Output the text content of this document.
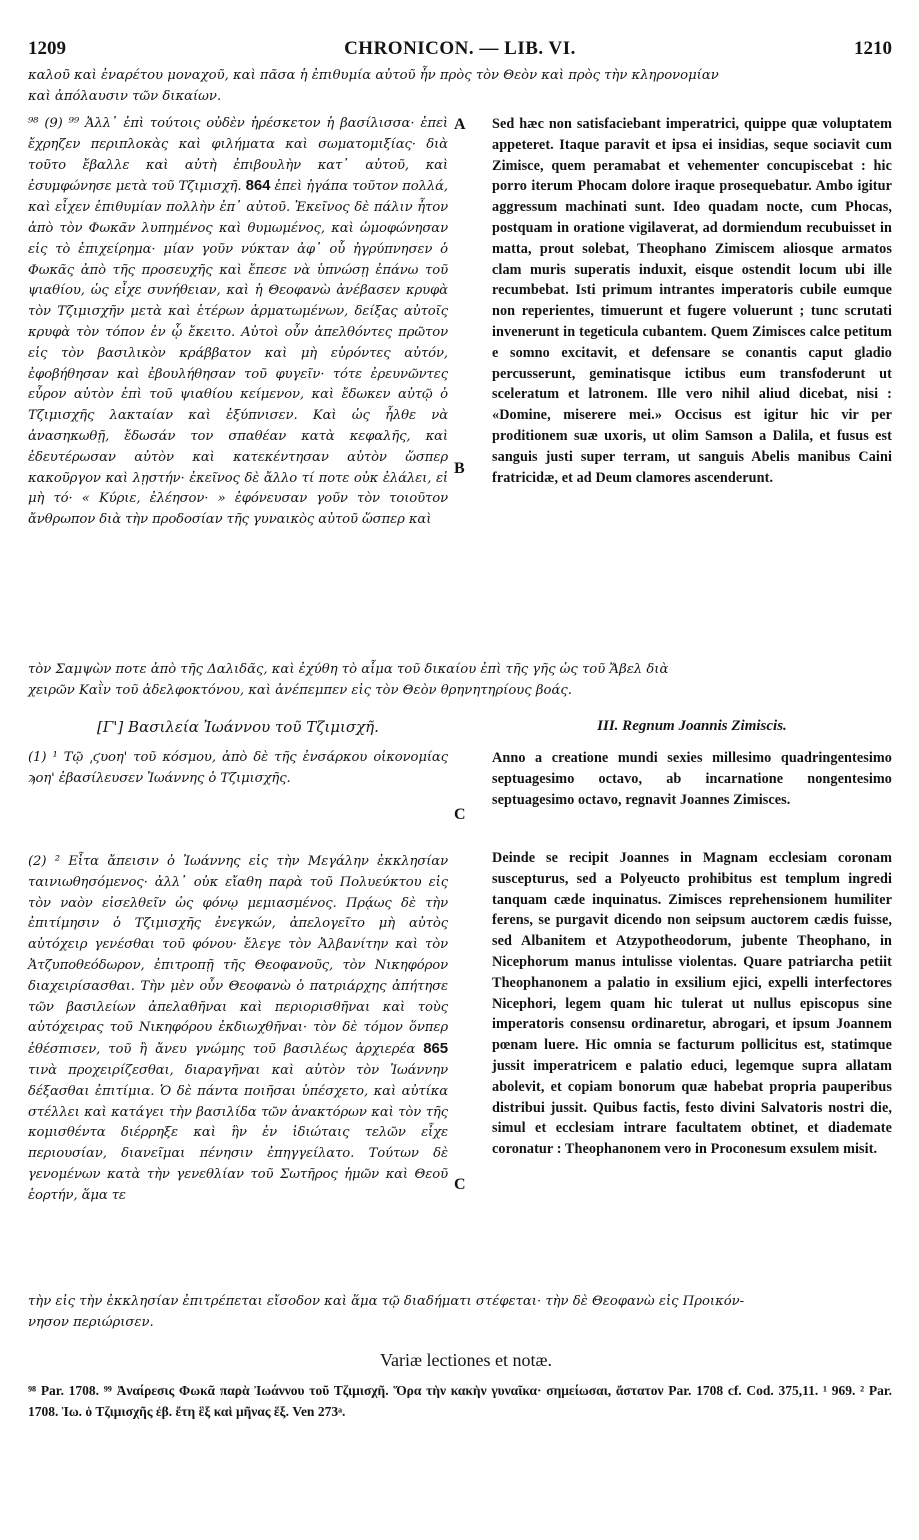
1209	CHRONICON. — LIB. VI.	1210
καλοῦ καὶ ἐναρέτου μοναχοῦ, καὶ πᾶσα ἡ ἐπιθυμία αὐτοῦ ἦν πρὸς τὸν Θεὸν καὶ πρὸς τὴν κληρονομίαν
καὶ ἀπόλαυσιν τῶν δικαίων.

⁹⁸ (9) ⁹⁹ Ἀλλ᾽ ἐπὶ τούτοις οὐδὲν ἠρέσκετον ἡ βασίλισσα· ἐπεὶ ἔχρηζεν περιπλοκὰς καὶ φιλήματα καὶ σωματομιξίας· διὰ τοῦτο ἔβαλλε καὶ αὐτὴ ἐπιβουλὴν κατ᾽ αὐτοῦ, καὶ ἐσυμφώνησε μετὰ τοῦ Τζιμισχῆ. 864 ἐπεὶ ἠγάπα τοῦτον πολλά, καὶ εἶχεν ἐπιθυμίαν πολλὴν ἐπ᾽ αὐτοῦ. Ἐκεῖνος δὲ πάλιν ἦτον ἀπὸ τὸν Φωκᾶν λυπημένος καὶ θυμωμένος, καὶ ὡμοφώνησαν εἰς τὸ ἐπιχείρημα· μίαν γοῦν νύκταν ἀφ᾽ οὗ ἠγρύπνησεν ὁ Φωκᾶς ἀπὸ τῆς προσευχῆς καὶ ἔπεσε νὰ ὑπνώσῃ ἐπάνω τοῦ ψιαθίου, ὡς εἶχε συνήθειαν, καὶ ἡ Θεοφανὼ ἀνέβασεν κρυφὰ τὸν Τζιμισχῆν μετὰ καὶ ἑτέρων ἁρματωμένων, δείξας αὐτοῖς κρυφὰ τὸν τόπον ἐν ᾧ ἔκειτο. Αὐτοὶ οὖν ἀπελθόντες πρῶτον εἰς τὸν βασιλικὸν κράββατον καὶ μὴ εὑρόντες αὐτόν, ἐφοβήθησαν καὶ ἐβουλήθησαν τοῦ φυγεῖν· τότε ἐρευνῶντες εὗρον αὐτὸν ἐπὶ τοῦ ψιαθίου κείμενον, καὶ ἔδωκεν αὐτῷ ὁ Τζιμισχῆς λακταίαν καὶ ἐξύπνισεν. Καὶ ὡς ἦλθε νὰ ἀνασηκωθῇ, ἔδωσάν τον σπαθέαν κατὰ κεφαλῆς, καὶ ἐδευτέρωσαν αὐτὸν καὶ κατεκέντησαν αὐτὸν ὥσπερ κακοῦργον καὶ λῃστήν· ἐκεῖνος δὲ ἄλλο τί ποτε οὐκ ἐλάλει, εἰ μὴ τό· « Κύριε, ἐλέησον· » ἐφόνευσαν γοῦν τὸν τοιοῦτον ἄνθρωπον διὰ τὴν προδοσίαν τῆς γυναικὸς αὐτοῦ ὥσπερ καὶ

A
B

Sed hæc non satisfaciebant imperatrici, quippe quæ voluptatem appeteret. Itaque paravit et ipsa ei insidias, seque sociavit cum Zimisce, quem peramabat et vehementer concupiscebat : hic porro iterum Phocam dolore iraque prosequebatur. Ambo igitur aggressum machinati sunt. Ideo quadam nocte, cum Phocas, postquam in oratione vigilaverat, ad dormiendum recubuisset in matta, prout solebat, Theophano Zimiscem aliosque armatos clam muris superatis induxit, eisque ostendit locum ubi ille recumbebat. Isti primum intrantes imperatoris cubile eumque non reperientes, timuerunt et fugere voluerunt ; tunc scrutati invenerunt in tegeticula cubantem. Quem Zimisces calce petitum e somno excitavit, et defensare se conantis caput gladio percusserunt, geminatisque ictibus eum transfoderunt ut sceleratum et latronem. Ille vero nihil aliud dicebat, nisi : «Domine, miserere mei.» Occisus est igitur hic vir per proditionem suæ uxoris, ut olim Samson a Dalila, et fusus est sanguis justi super terram, ut sanguis Abelis manibus Caini fratricidæ, et ad Deum clamores ascenderunt.

τὸν Σαμψὼν ποτε ἀπὸ τῆς Δαλιδᾶς, καὶ ἐχύθη τὸ αἷμα τοῦ δικαίου ἐπὶ τῆς γῆς ὡς τοῦ Ἄβελ διὰ
χειρῶν Καῒν τοῦ ἀδελφοκτόνου, καὶ ἀνέπεμπεν εἰς τὸν Θεὸν θρηνητηρίους βοάς.
[Γ'] Βασιλεία Ἰωάννου τοῦ Τζιμισχῆ.	III. Regnum Joannis Zimiscis.

(1) ¹ Τῷ ͵ϛυοη' τοῦ κόσμου, ἀπὸ δὲ τῆς ἐνσάρκου οἰκονομίας ϡοη' ἐβασίλευσεν Ἰωάννης ὁ Τζιμισχῆς.

C

Anno a creatione mundi sexies millesimo quadringentesimo septuagesimo octavo, ab incarnatione nongentesimo septuagesimo octavo, regnavit Joannes Zimisces.

(2) ² Εἶτα ἄπεισιν ὁ Ἰωάννης εἰς τὴν Μεγάλην ἐκκλησίαν ταινιωθησόμενος· ἀλλ᾽ οὐκ εἴαθη παρὰ τοῦ Πολυεύκτου εἰς τὸν ναὸν εἰσελθεῖν ὡς φόνῳ μεμιασμένος. Πρᾴως δὲ τὴν ἐπιτίμησιν ὁ Τζιμισχῆς ἐνεγκών, ἀπελογεῖτο μὴ αὐτὸς αὐτόχειρ γενέσθαι τοῦ φόνου· ἔλεγε τὸν Ἀλβανίτην καὶ τὸν Ἀτζυποθεόδωρον, ἐπιτροπῇ τῆς Θεοφανοῦς, τὸν Νικηφόρον διαχειρίσασθαι. Τὴν μὲν οὖν Θεοφανὼ ὁ πατριάρχης ἀπήτησε τῶν βασιλείων ἀπελαθῆναι καὶ περιορισθῆναι καὶ τοὺς αὐτόχειρας τοῦ Νικηφόρου ἐκδιωχθῆναι· τὸν δὲ τόμον ὅνπερ ἐθέσπισεν, τοῦ ἢ ἄνευ γνώμης τοῦ βασιλέως ἀρχιερέα 865 τινὰ προχειρίζεσθαι, διαραγῆναι καὶ αὐτὸν τὸν Ἰωάννην δέξασθαι ἐπιτίμια. Ὁ δὲ πάντα ποιῆσαι ὑπέσχετο, καὶ αὐτίκα στέλλει καὶ κατάγει τὴν βασιλίδα τῶν ἀνακτόρων καὶ τὸν τῆς κομισθέντα διέρρηξε καὶ ἣν ἐν ἰδιώταις τελῶν εἶχε περιουσίαν, διανεῖμαι πένησιν ἐπηγγείλατο. Τούτων δὲ γενομένων κατὰ τὴν γενεθλίαν τοῦ Σωτῆρος ἡμῶν καὶ Θεοῦ ἑορτήν, ἅμα τε

C

Deinde se recipit Joannes in Magnam ecclesiam coronam suscepturus, sed a Polyeucto prohibitus est templum ingredi tanquam cæde inquinatus. Zimisces reprehensionem humiliter ferens, se purgavit dicendo non seipsum auctorem cædis fuisse, sed Albanitem et Atzypotheodorum, jubente Theophano, in Nicephorum manus intulisse violentas. Quare patriarcha petiit Theophanonem a palatio in exsilium ejici, expelli interfectores Nicephori, legem quam hic tulerat ut nullus episcopus sine imperatoris consensu ordinaretur, abrogari, et ipsum Joannem pœnam luere. Hic omnia se facturum pollicitus est, statimque jussit imperatricem e palatio educi, legemque supra allatam abolevit, et copiam bonorum quæ habebat propria pauperibus distribui jussit. Quibus factis, festo divini Salvatoris nostri die, simul et ecclesiam intrare facultatem obtinet, et diademate coronatur : Theophanonem vero in Proconesum exsulem misit.

τὴν εἰς τὴν ἐκκλησίαν ἐπιτρέπεται εἴσοδον καὶ ἅμα τῷ διαδήματι στέφεται· τὴν δὲ Θεοφανὼ εἰς Προικόν-
νησον περιώρισεν.
Variæ lectiones et notæ.
⁹⁸ Par. 1708. ⁹⁹ Ἀναίρεσις Φωκᾶ παρὰ Ἰωάννου τοῦ Τζιμισχῆ. Ὅρα τὴν κακὴν γυναῖκα· σημείωσαι, ἄστατον Par. 1708 cf. Cod. 375,11. ¹ 969. ² Par. 1708. Ἰω. ὁ Τζιμισχῆς ἐβ. ἔτη ἓξ καὶ μῆνας ἕξ. Ven 273ᵃ.
